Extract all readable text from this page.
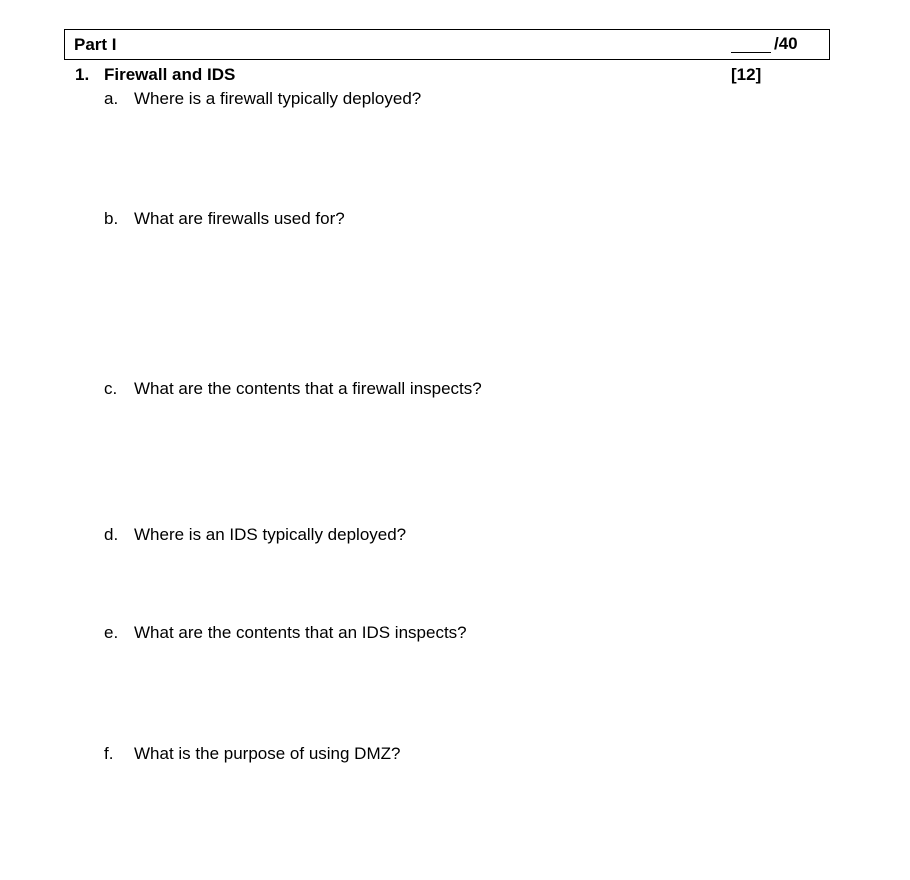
Part I	/40
1. Firewall and IDS	[12]
a. Where is a firewall typically deployed?
b. What are firewalls used for?
c. What are the contents that a firewall inspects?
d. Where is an IDS typically deployed?
e. What are the contents that an IDS inspects?
f. What is the purpose of using DMZ?
